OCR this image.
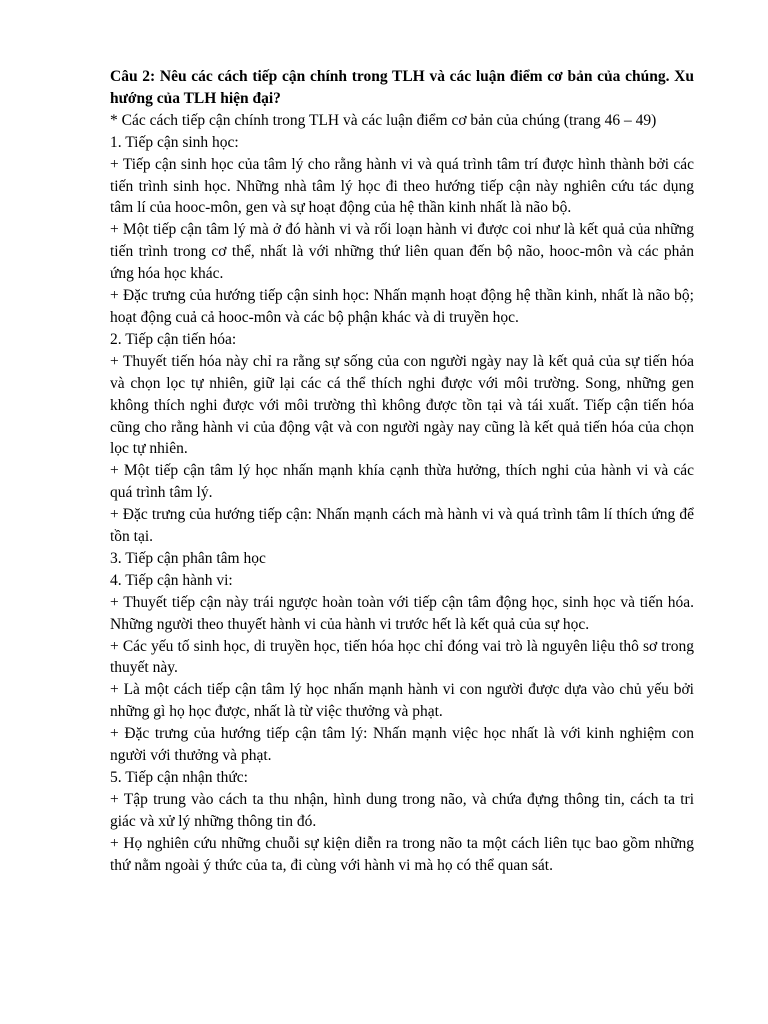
Câu 2: Nêu các cách tiếp cận chính trong TLH và các luận điểm cơ bản của chúng. Xu hướng của TLH hiện đại?

* Các cách tiếp cận chính trong TLH và các luận điểm cơ bản của chúng (trang 46 – 49)

1. Tiếp cận sinh học:

+ Tiếp cận sinh học của tâm lý cho rằng hành vi và quá trình tâm trí được hình thành bởi các tiến trình sinh học. Những nhà tâm lý học đi theo hướng tiếp cận này nghiên cứu tác dụng tâm lí của hooc-môn, gen và sự hoạt động của hệ thần kinh nhất là não bộ.

+ Một tiếp cận tâm lý mà ở đó hành vi và rối loạn hành vi được coi như là kết quả của những tiến trình trong cơ thể, nhất là với những thứ liên quan đến bộ não, hooc-môn và các phản ứng hóa học khác.

+ Đặc trưng của hướng tiếp cận sinh học: Nhấn mạnh hoạt động hệ thần kinh, nhất là não bộ; hoạt động cuả cả hooc-môn và các bộ phận khác và di truyền học.

2. Tiếp cận tiến hóa:

+ Thuyết tiến hóa này chỉ ra rằng sự sống của con người ngày nay là kết quả của sự tiến hóa và chọn lọc tự nhiên, giữ lại các cá thể thích nghi được với môi trường. Song, những gen không thích nghi được với môi trường thì không được tồn tại và tái xuất. Tiếp cận tiến hóa cũng cho rằng hành vi của động vật và con người ngày nay cũng là kết quả tiến hóa của chọn lọc tự nhiên.

+ Một tiếp cận tâm lý học nhấn mạnh khía cạnh thừa hưởng, thích nghi của hành vi và các quá trình tâm lý.

+ Đặc trưng của hướng tiếp cận: Nhấn mạnh cách mà hành vi và quá trình tâm lí thích ứng để tồn tại.

3. Tiếp cận phân tâm học

4. Tiếp cận hành vi:

+ Thuyết tiếp cận này trái ngược hoàn toàn với tiếp cận tâm động học, sinh học và tiến hóa. Những người theo thuyết hành vi của hành vi trước hết là kết quả của sự học.

+ Các yếu tố sinh học, di truyền học, tiến hóa học chỉ đóng vai trò là nguyên liệu thô sơ trong thuyết này.

+ Là một cách tiếp cận tâm lý học nhấn mạnh hành vi con người được dựa vào chủ yếu bởi những gì họ học được, nhất là từ việc thưởng và phạt.

+ Đặc trưng của hướng tiếp cận tâm lý: Nhấn mạnh việc học nhất là với kinh nghiệm con người với thưởng và phạt.

5. Tiếp cận nhận thức:

+ Tập trung vào cách ta thu nhận, hình dung trong não, và chứa đựng thông tin, cách ta tri giác và xử lý những thông tin đó.

+ Họ nghiên cứu những chuỗi sự kiện diễn ra trong não ta một cách liên tục bao gồm những thứ nằm ngoài ý thức của ta, đi cùng với hành vi mà họ có thể quan sát.
